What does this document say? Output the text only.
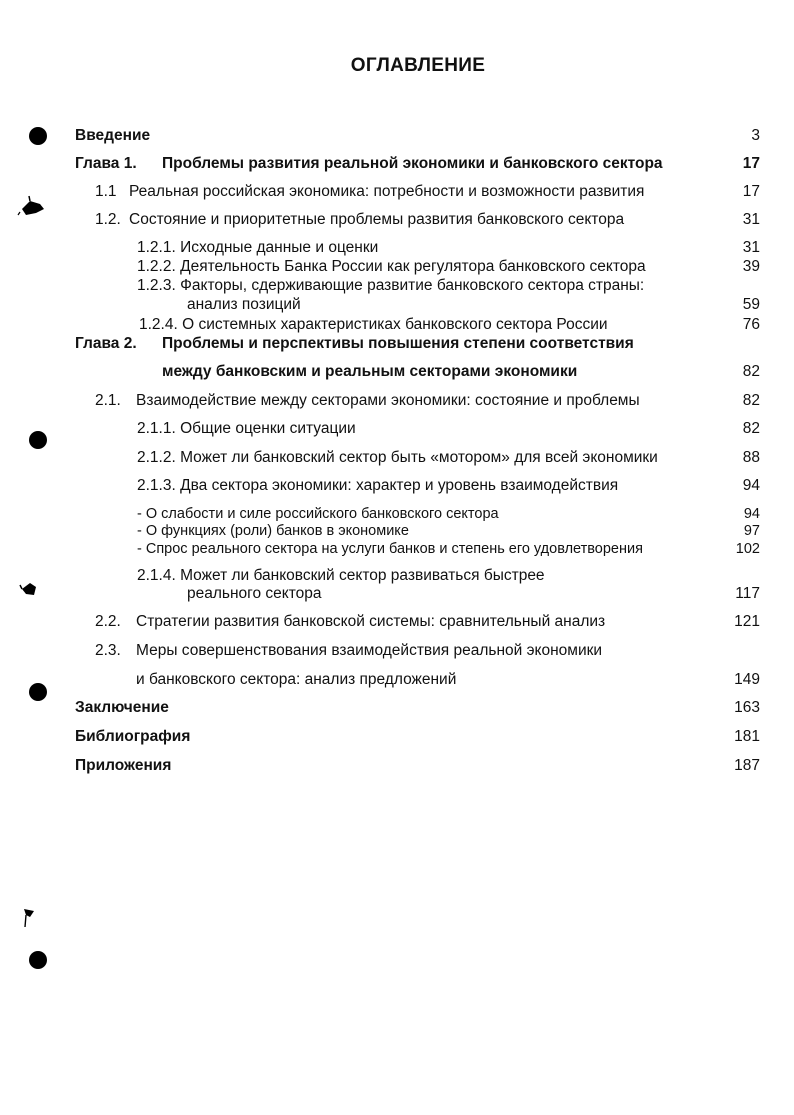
ОГЛАВЛЕНИЕ
Введение	3
Глава 1. Проблемы развития реальной экономики и банковского сектора	17
1.1 Реальная российская экономика: потребности и возможности развития	17
1.2. Состояние и приоритетные проблемы развития банковского сектора	31
1.2.1. Исходные данные и оценки	31
1.2.2. Деятельность Банка России как регулятора банковского сектора	39
1.2.3. Факторы, сдерживающие развитие банковского сектора страны:
анализ позиций	59
1.2.4. О системных характеристиках банковского сектора России	76
Глава 2. Проблемы и перспективы повышения степени соответствия
между банковским и реальным секторами экономики	82
2.1. Взаимодействие между секторами экономики: состояние и проблемы	82
2.1.1. Общие оценки ситуации	82
2.1.2. Может ли банковский сектор быть «мотором» для всей экономики	88
2.1.3. Два сектора экономики: характер и уровень взаимодействия	94
- О слабости и силе российского банковского сектора	94
- О функциях (роли) банков в экономике	97
- Спрос реального сектора на услуги банков и степень его удовлетворения	102
2.1.4. Может ли банковский сектор развиваться быстрее
реального сектора	117
2.2. Стратегии развития банковской системы: сравнительный анализ	121
2.3. Меры совершенствования взаимодействия реальной экономики
и банковского сектора: анализ предложений	149
Заключение	163
Библиография	181
Приложения	187
